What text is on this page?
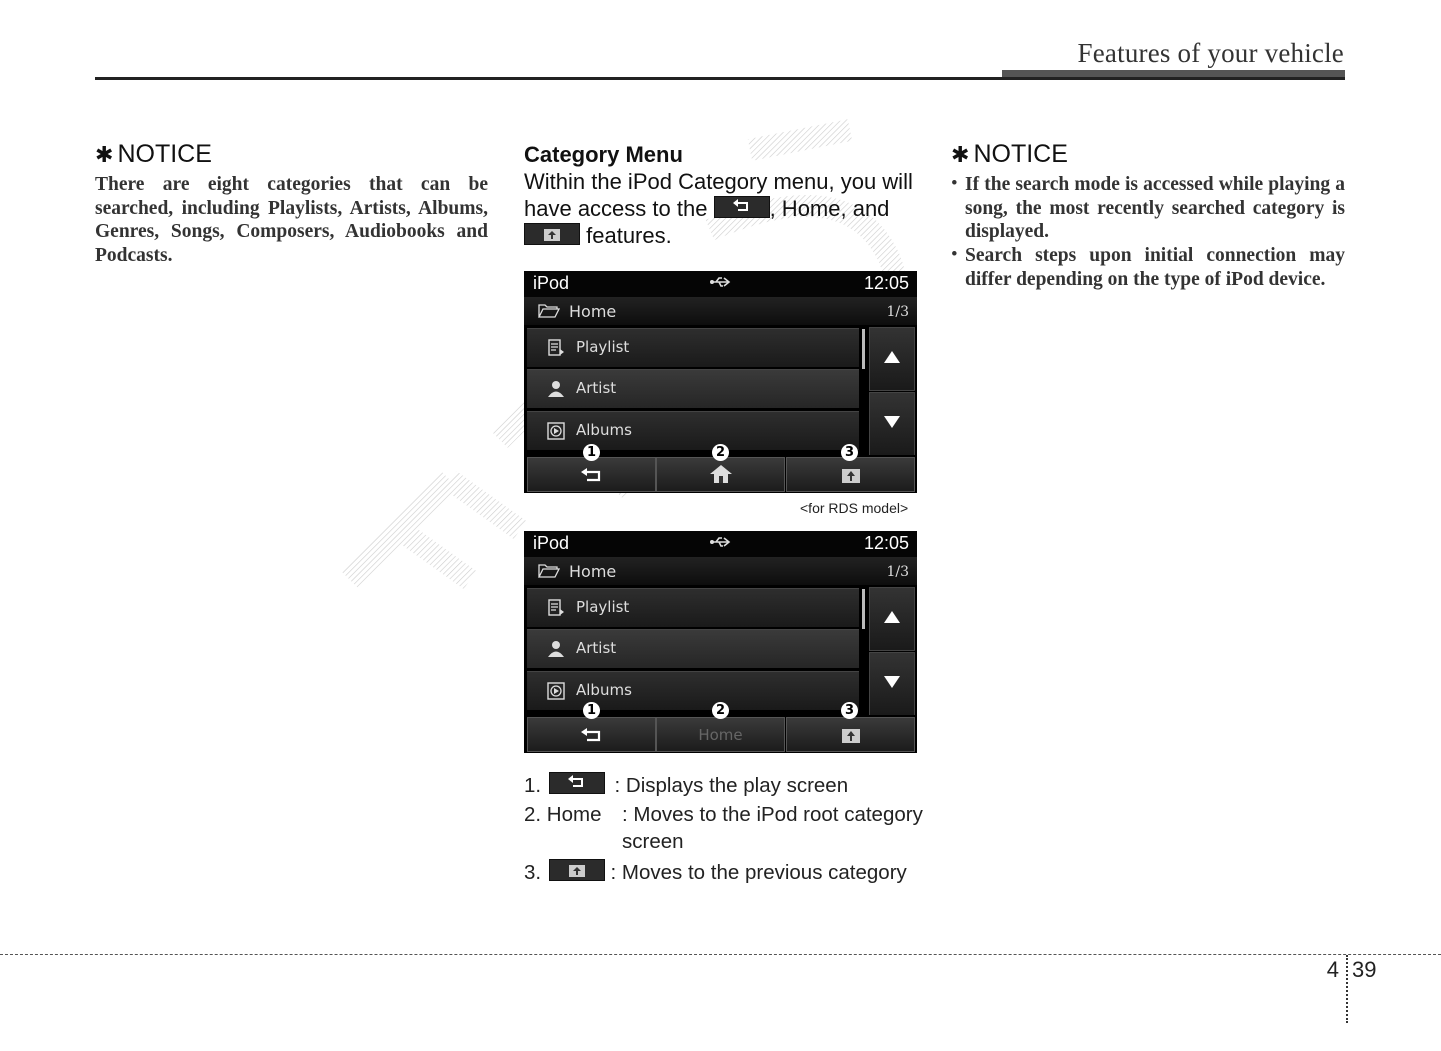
Features of your vehicle
✱ NOTICE
There are eight categories that can be searched, including Playlists, Artists, Albums, Genres, Songs, Composers, Audiobooks and Podcasts.
Category Menu
Within the iPod Category menu, you will have access to the	, Home, and
features.
iPod	12:05
Home	1/3
Playlist
Artist
Albums
1	2	3
<for RDS model>
iPod	12:05
Home	1/3
Playlist
Artist
Albums
Home
1	2	3
1.	: Displays the play screen
2. Home : Moves to the iPod root category
screen
3.	: Moves to the previous category
✱ NOTICE
• If the search mode is accessed while playing a song, the most recently searched category is displayed.
• Search steps upon initial connection may differ depending on the type of iPod device.
4 39
